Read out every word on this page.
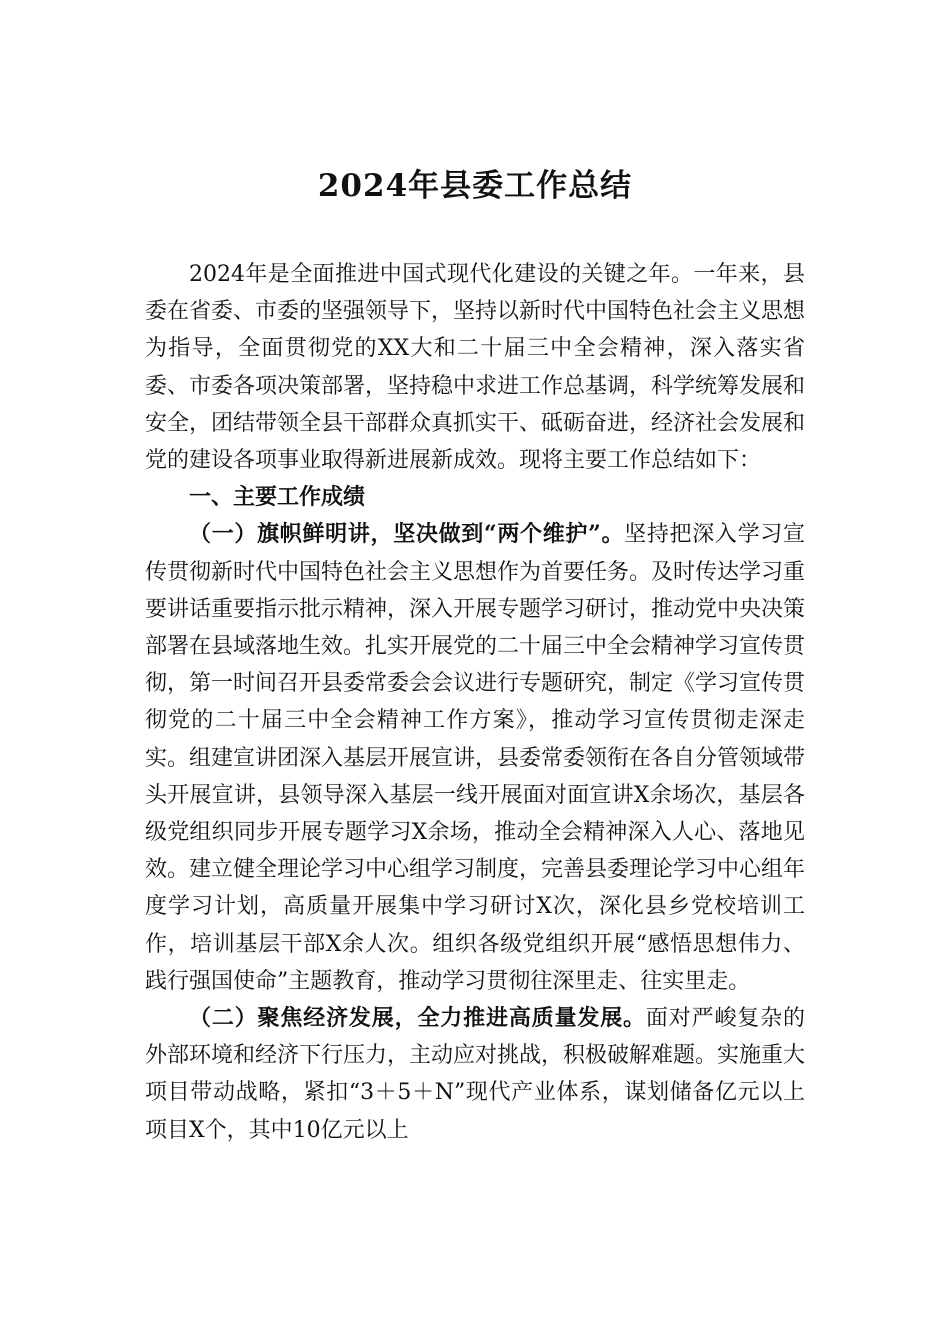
2024年县委工作总结

2024年是全面推进中国式现代化建设的关键之年。一年来，县委在省委、市委的坚强领导下，坚持以新时代中国特色社会主义思想为指导，全面贯彻党的XX大和二十届三中全会精神，深入落实省委、市委各项决策部署，坚持稳中求进工作总基调，科学统筹发展和安全，团结带领全县干部群众真抓实干、砥砺奋进，经济社会发展和党的建设各项事业取得新进展新成效。现将主要工作总结如下：

一、主要工作成绩

（一）旗帜鲜明讲，坚决做到“两个维护”。坚持把深入学习宣传贯彻新时代中国特色社会主义思想作为首要任务。及时传达学习重要讲话重要指示批示精神，深入开展专题学习研讨，推动党中央决策部署在县域落地生效。扎实开展党的二十届三中全会精神学习宣传贯彻，第一时间召开县委常委会会议进行专题研究，制定《学习宣传贯彻党的二十届三中全会精神工作方案》，推动学习宣传贯彻走深走实。组建宣讲团深入基层开展宣讲，县委常委领衔在各自分管领域带头开展宣讲，县领导深入基层一线开展面对面宣讲X余场次，基层各级党组织同步开展专题学习X余场，推动全会精神深入人心、落地见效。建立健全理论学习中心组学习制度，完善县委理论学习中心组年度学习计划，高质量开展集中学习研讨X次，深化县乡党校培训工作，培训基层干部X余人次。组织各级党组织开展“感悟思想伟力、践行强国使命”主题教育，推动学习贯彻往深里走、往实里走。

（二）聚焦经济发展，全力推进高质量发展。面对严峻复杂的外部环境和经济下行压力，主动应对挑战，积极破解难题。实施重大项目带动战略，紧扣“3＋5＋N”现代产业体系，谋划储备亿元以上项目X个，其中10亿元以上
